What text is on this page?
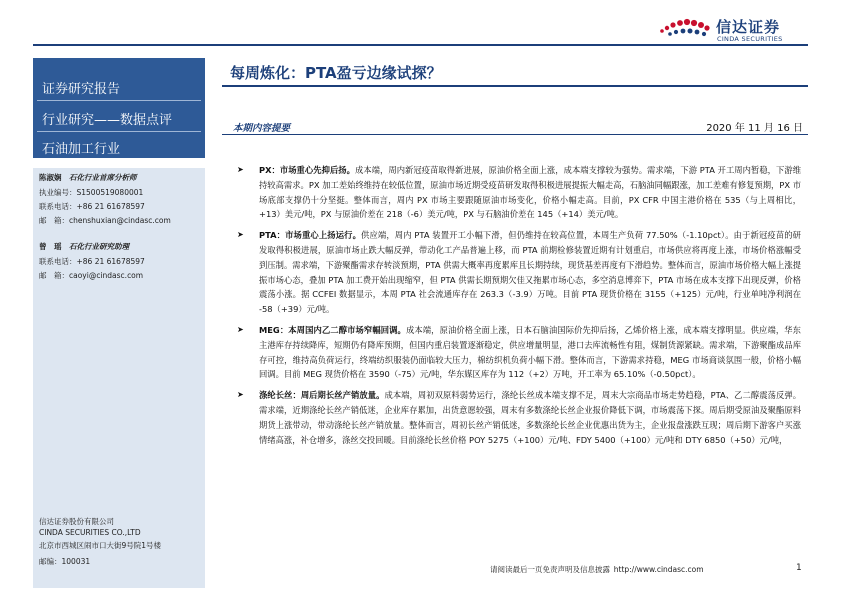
信达证券
CINDA SECURITIES
证券研究报告
行业研究——数据点评
石油加工行业
陈淑娴  石化行业首席分析师
执业编号：S1500519080001
联系电话：+86 21 61678597
邮　箱：chenshuxian@cindasc.com
曾　瑶  石化行业研究助理
联系电话：+86 21 61678597
邮　箱：caoyi@cindasc.com
信达证券股份有限公司
CINDA SECURITIES CO.,LTD
北京市西城区闹市口大街9号院1号楼
邮编：100031
每周炼化：PTA盈亏边缘试探？
本期内容提要	2020 年 11 月 16 日

➤ PX：市场重心先抑后扬。成本端，周内新冠疫苗取得新进展，原油价格全面上涨，成本端支撑较为强势。需求端，下游 PTA 开工周内暂稳，下游维持较高需求。PX 加工差始终维持在较低位置，原油市场近期受疫苗研发取得积极进展提振大幅走高，石脑油同幅跟涨，加工差难有修复预期，PX 市场底部支撑仍十分坚挺。整体而言，周内 PX 市场主要跟随原油市场变化，价格小幅走高。目前，PX CFR 中国主港价格在 535（与上周相比，+13）美元/吨，PX 与原油价差在 218（-6）美元/吨，PX 与石脑油价差在 145（+14）美元/吨。

➤ PTA：市场重心上扬运行。供应端，周内 PTA 装置开工小幅下滑，但仍维持在较高位置，本周生产负荷 77.50%（-1.10pct）。由于新冠疫苗的研发取得积极进展，原油市场止跌大幅反弹，带动化工产品普遍上移，而 PTA 前期检修装置近期有计划重启，市场供应将再度上涨，市场价格涨幅受到压制。需求端，下游聚酯需求存转淡预期，PTA 供需大概率再度累库且长期持续，现货基差再度有下滑趋势。整体而言，原油市场价格大幅上涨提振市场心态，叠加 PTA 加工费开始出现缩窄，但 PTA 供需长期预期欠佳又拖累市场心态，多空消息博弈下，PTA 市场在成本支撑下出现反弹，价格震荡小涨。据 CCFEI 数据显示，本周 PTA 社会流通库存在 263.3（-3.9）万吨。目前 PTA 现货价格在 3155（+125）元/吨，行业单吨净利润在 -58（+39）元/吨。

➤ MEG：本周国内乙二醇市场窄幅回调。成本端，原油价格全面上涨，日本石脑油国际价先抑后扬，乙烯价格上涨，成本端支撑明显。供应端，华东主港库存持续降库，短期仍有降库预期，但国内重启装置逐渐稳定，供应增量明显，港口去库流畅性有阻，煤制货源紧缺。需求端，下游聚酯成品库存可控，维持高负荷运行，终端纺织服装仍面临较大压力，棉纺织机负荷小幅下滑。整体而言，下游需求持稳，MEG 市场商谈氛围一般，价格小幅回调。目前 MEG 现货价格在 3590（-75）元/吨，华东媒区库存为 112（+2）万吨，开工率为 65.10%（-0.50pct）。

➤ 涤纶长丝：周后期长丝产销放量。成本端，周初双原料弱势运行，涤纶长丝成本端支撑不足，周末大宗商品市场走势趋稳，PTA、乙二醇震荡反弹。需求端，近期涤纶长丝产销低迷，企业库存累加，出货意愿较强，周末有多数涤纶长丝企业报价降低下调，市场震荡下探。周后期受原油及聚酯原料期货上涨带动，带动涤纶长丝产销放量。整体而言，周初长丝产销低迷，多数涤纶长丝企业优惠出货为主，企业报盘涨跌互现；周后期下游客户买涨情绪高涨，补仓增多，涤丝交投回暖。目前涤纶长丝价格 POY 5275（+100）元/吨、FDY 5400（+100）元/吨和 DTY 6850（+50）元/吨，

请阅读最后一页免责声明及信息披露  http://www.cindasc.com	1
